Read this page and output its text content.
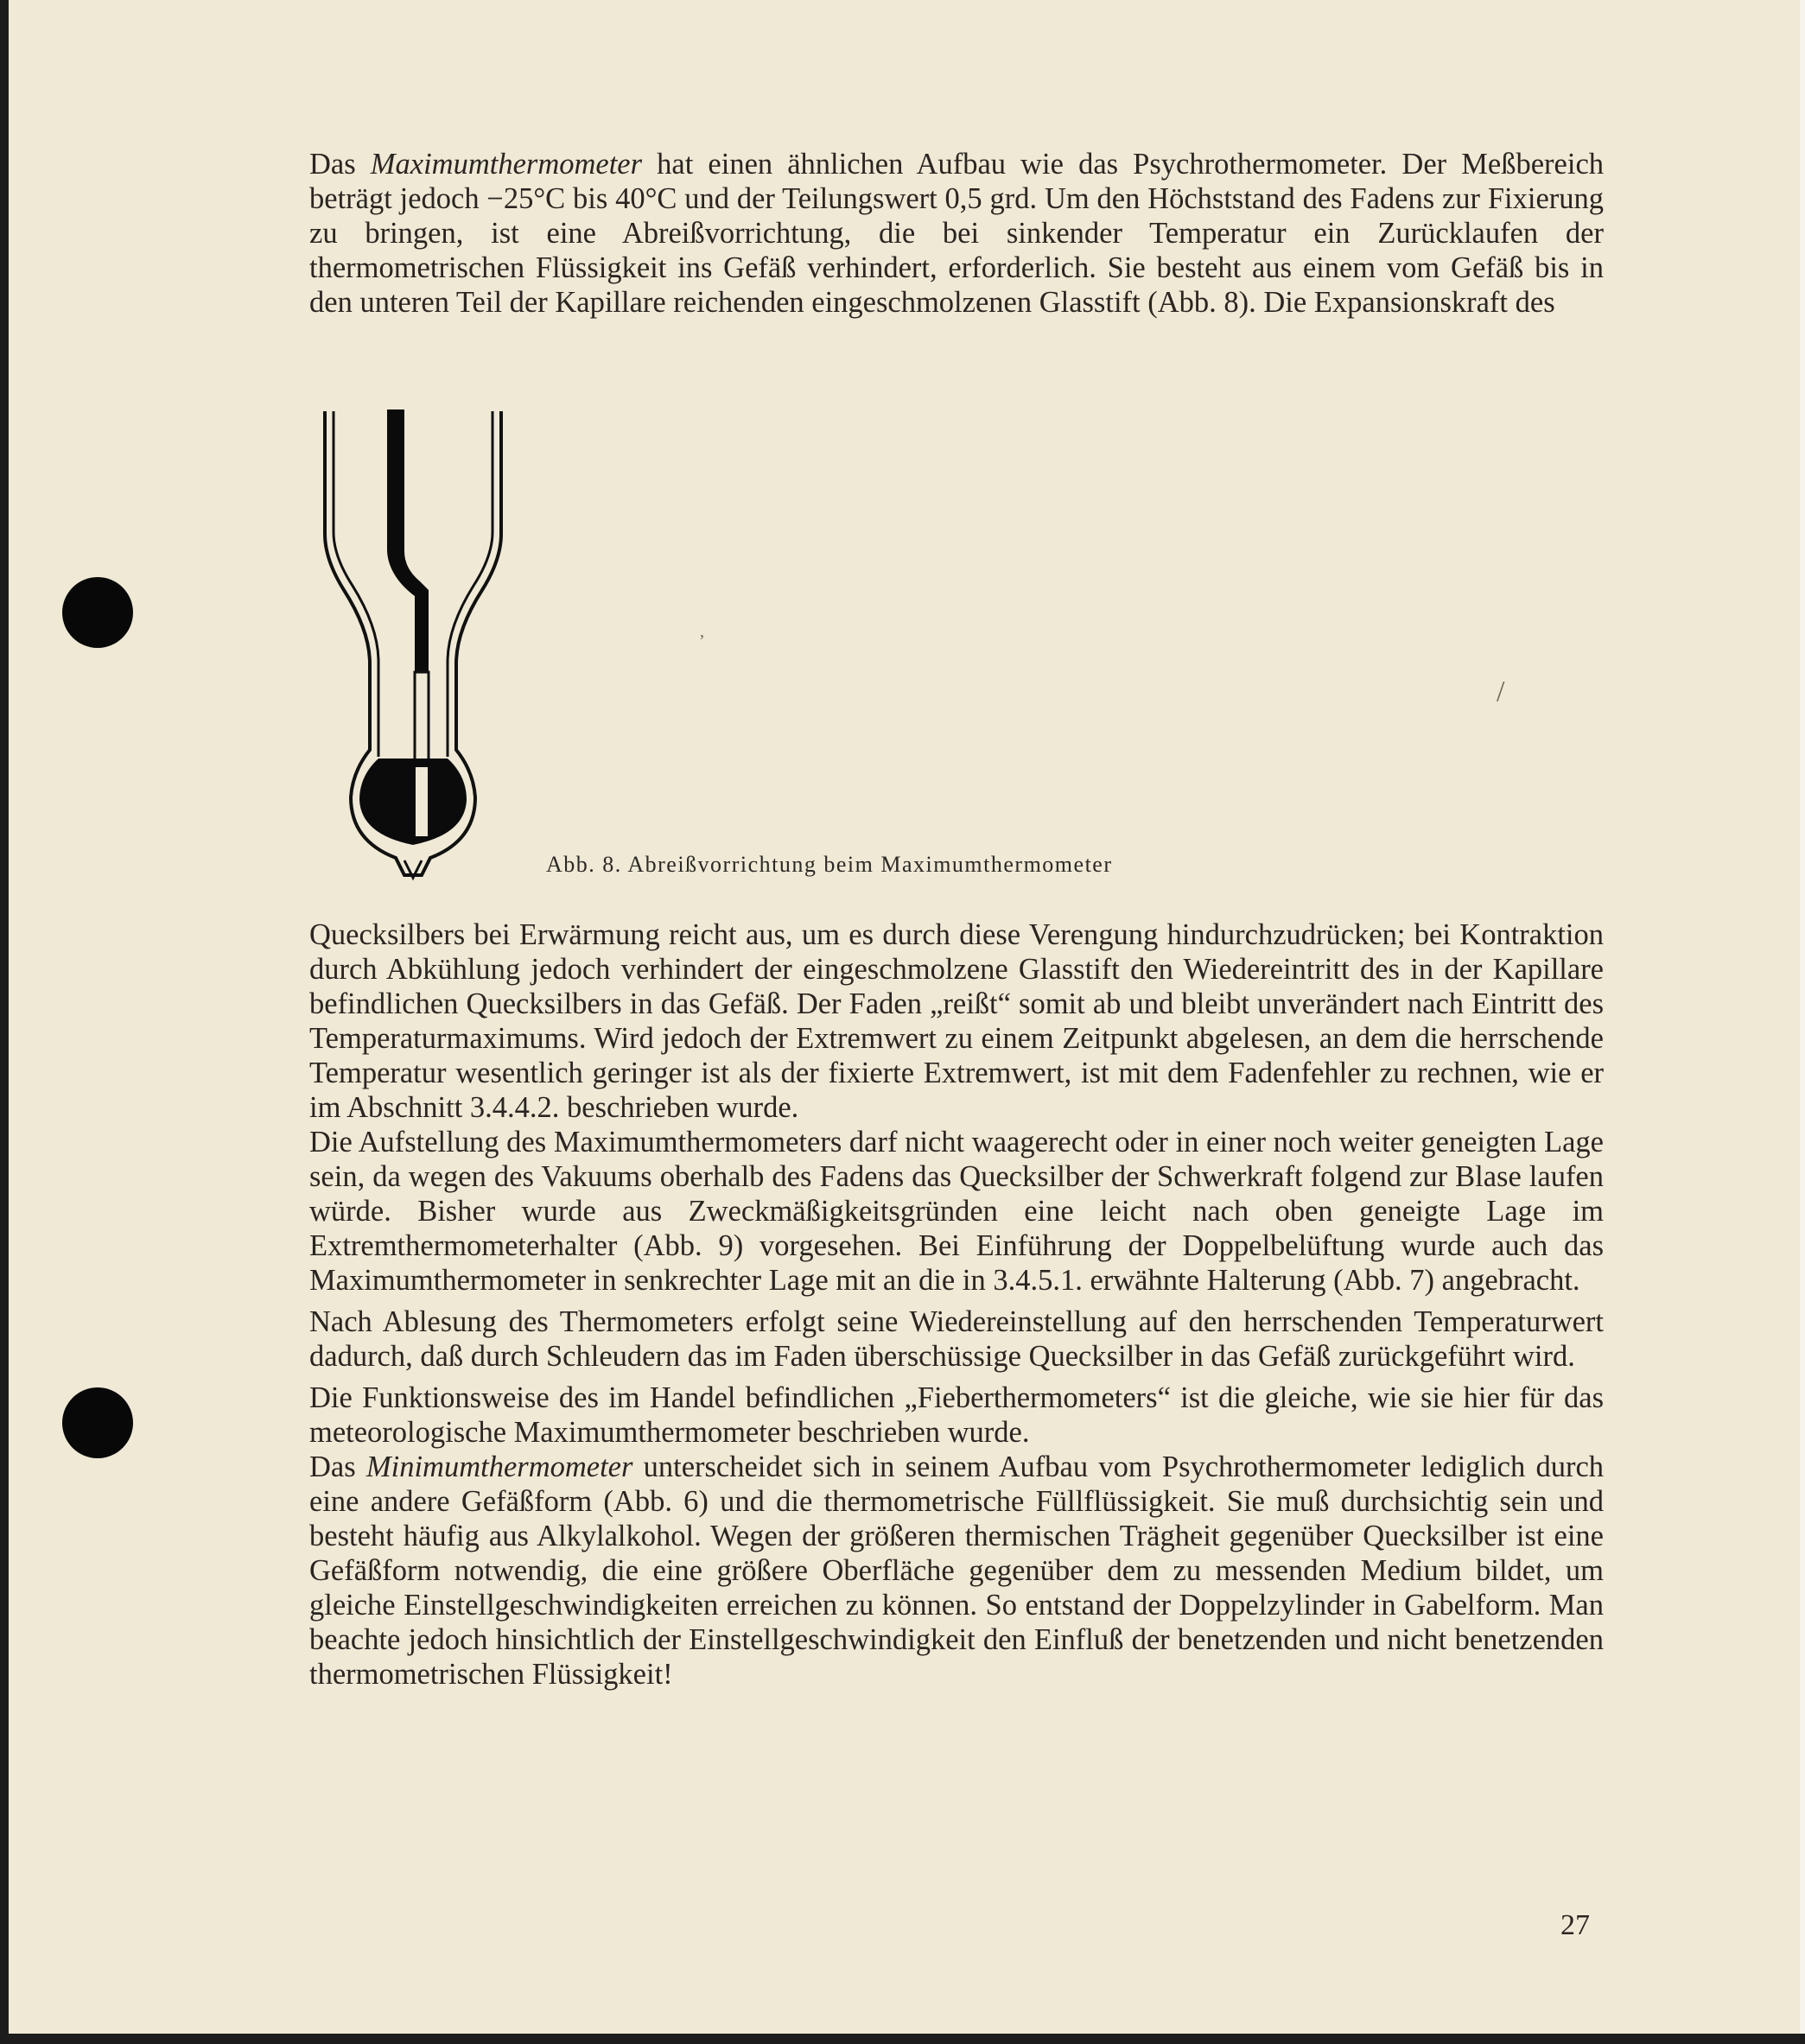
Das Maximumthermometer hat einen ähnlichen Aufbau wie das Psychrothermometer. Der Meßbereich beträgt jedoch −25°C bis 40°C und der Teilungswert 0,5 grd. Um den Höchststand des Fadens zur Fixierung zu bringen, ist eine Abreißvorrichtung, die bei sinkender Temperatur ein Zurücklaufen der thermometrischen Flüssigkeit ins Gefäß verhindert, erforderlich. Sie besteht aus einem vom Gefäß bis in den unteren Teil der Kapillare reichenden eingeschmolzenen Glasstift (Abb. 8). Die Expansionskraft des

Abb. 8. Abreißvorrichtung beim Maximumthermometer

Quecksilbers bei Erwärmung reicht aus, um es durch diese Verengung hindurchzudrücken; bei Kontraktion durch Abkühlung jedoch verhindert der eingeschmolzene Glasstift den Wiedereintritt des in der Kapillare befindlichen Quecksilbers in das Gefäß. Der Faden „reißt“ somit ab und bleibt unverändert nach Eintritt des Temperaturmaximums. Wird jedoch der Extremwert zu einem Zeitpunkt abgelesen, an dem die herrschende Temperatur wesentlich geringer ist als der fixierte Extremwert, ist mit dem Fadenfehler zu rechnen, wie er im Abschnitt 3.4.4.2. beschrieben wurde.

Die Aufstellung des Maximumthermometers darf nicht waagerecht oder in einer noch weiter geneigten Lage sein, da wegen des Vakuums oberhalb des Fadens das Quecksilber der Schwerkraft folgend zur Blase laufen würde. Bisher wurde aus Zweckmäßigkeitsgründen eine leicht nach oben geneigte Lage im Extremthermometerhalter (Abb. 9) vorgesehen. Bei Einführung der Doppelbelüftung wurde auch das Maximumthermometer in senkrechter Lage mit an die in 3.4.5.1. erwähnte Halterung (Abb. 7) angebracht.

Nach Ablesung des Thermometers erfolgt seine Wiedereinstellung auf den herrschenden Temperaturwert dadurch, daß durch Schleudern das im Faden überschüssige Quecksilber in das Gefäß zurückgeführt wird.

Die Funktionsweise des im Handel befindlichen „Fieberthermometers“ ist die gleiche, wie sie hier für das meteorologische Maximumthermometer beschrieben wurde.

Das Minimumthermometer unterscheidet sich in seinem Aufbau vom Psychrothermometer lediglich durch eine andere Gefäßform (Abb. 6) und die thermometrische Füllflüssigkeit. Sie muß durchsichtig sein und besteht häufig aus Alkylalkohol. Wegen der größeren thermischen Trägheit gegenüber Quecksilber ist eine Gefäßform notwendig, die eine größere Oberfläche gegenüber dem zu messenden Medium bildet, um gleiche Einstellgeschwindigkeiten erreichen zu können. So entstand der Doppelzylinder in Gabelform. Man beachte jedoch hinsichtlich der Einstellgeschwindigkeit den Einfluß der benetzenden und nicht benetzenden thermometrischen Flüssigkeit!

27
/
,
